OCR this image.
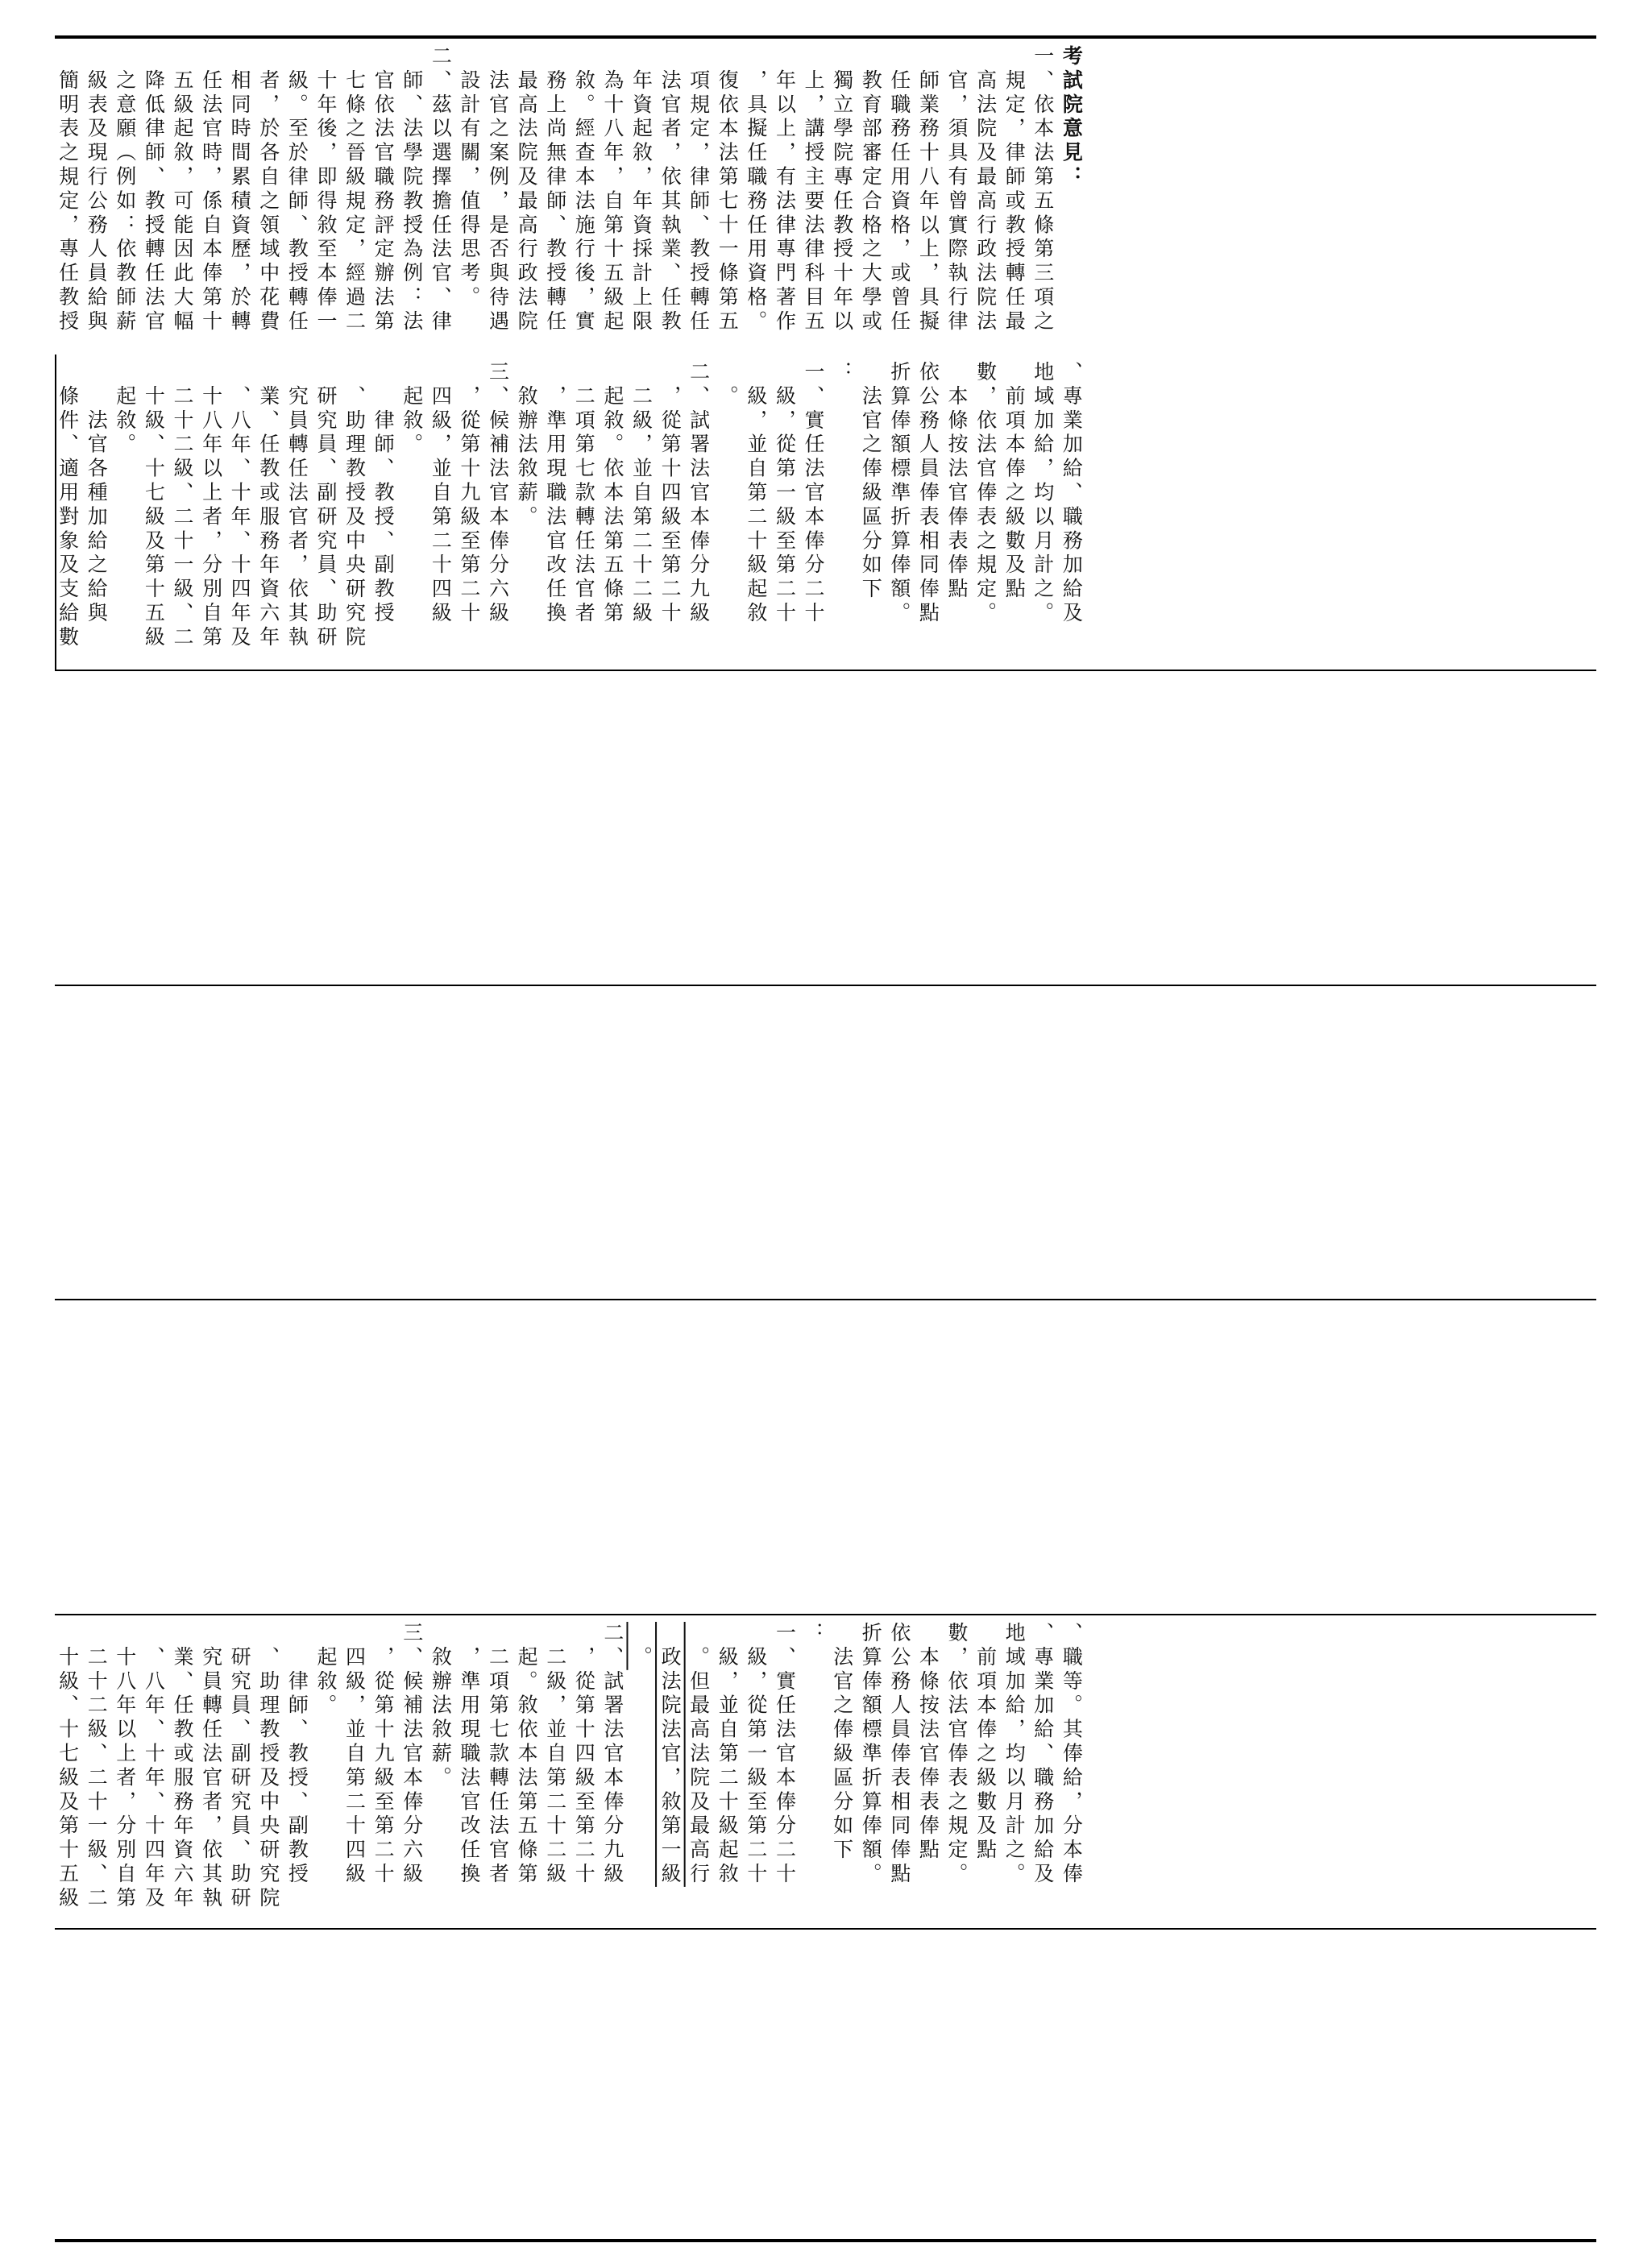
考試院意見：
一、依本法第五條第三項之
　規定，律師或教授轉任最
　高法院及最高行政法院法
　官，須具有曾實際執行律
　師業務十八年以上，具擬
　任職務任用資格，或曾任
　教育部審定合格之大學或
　獨立學院專任教授十年以
　上，講授主要法律科目五
　年以上，有法律專門著作
　，具擬任職務任用資格。
　復依本法第七十一條第五
　項規定，律師、教授轉任
　法官者，依其執業、任教
　年資起敘，年資採計上限
　為十八年，自第十五級起
　敘。經查本法施行後，實
　務上尚無律師、教授轉任
　最高法院及最高行政法院
　法官之案例，是否與待遇
　設計有關，值得思考。
二、茲以選擇擔任法官、律
　師、法學院教授為例：法
　官依法官職務評定辦法第
　七條之晉級規定，經過二
　十年後，即得敘至本俸一
　級。至於律師、教授轉任
　者，於各自之領域中花費
　相同時間累積資歷，於轉
　任法官時，係自本俸第十
　五級起敘，可能因此大幅
　降低律師、教授轉任法官
　之意願（例如：依教師薪
　級表及現行公務人員給與
　簡明表之規定，專任教授
、專業加給、職務加給及
地域加給，均以月計之。
　前項本俸之級數及點
數，依法官俸表之規定。
　本條按法官俸表俸點
依公務人員俸表相同俸點
折算俸額標準折算俸額。
　法官之俸級區分如下
：
一、實任法官本俸分二十
　級，從第一級至第二十
　級，並自第二十級起敘
　。
二、試署法官本俸分九級
　，從第十四級至第二十
　二級，並自第二十二級
　起敘。依本法第五條第
　二項第七款轉任法官者
　，準用現職法官改任換
　敘辦法敘薪。
三、候補法官本俸分六級
　，從第十九級至第二十
　四級，並自第二十四級
　起敘。
　　律師、教授、副教授
　、助理教授及中央研究院
　研究員、副研究員、助研
　究員轉任法官者，依其執
　業、任教或服務年資六年
　、八年、十年、十四年及
　十八年以上者，分別自第
　二十二級、二十一級、二
　十級、十七級及第十五級
　起敘。
　　法官各種加給之給與
　條件、適用對象及支給數
、職等。其俸給，分本俸
、專業加給、職務加給及
地域加給，均以月計之。
　前項本俸之級數及點
數，依法官俸表之規定。
　本條按法官俸表俸點
依公務人員俸表相同俸點
折算俸額標準折算俸額。
　法官之俸級區分如下
：
一、實任法官本俸分二十
　級，從第一級至第二十
　級，並自第二十級起敘
　。但最高法院及最高行
　政法院法官，敘第一級
　。
二、試署法官本俸分九級
　，從第十四級至第二十
　二級，並自第二十二級
　起。敘依本法第五條第
　二項第七款轉任法官者
　，準用現職法官改任換
　敘辦法敘薪。
三、候補法官本俸分六級
　，從第十九級至第二十
　四級，並自第二十四級
　起敘。
　　律師、教授、副教授
　、助理教授及中央研究院
　研究員、副研究員、助研
　究員轉任法官者，依其執
　業、任教或服務年資六年
　、八年、十年、十四年及
　十八年以上者，分別自第
　二十二級、二十一級、二
　十級、十七級及第十五級
